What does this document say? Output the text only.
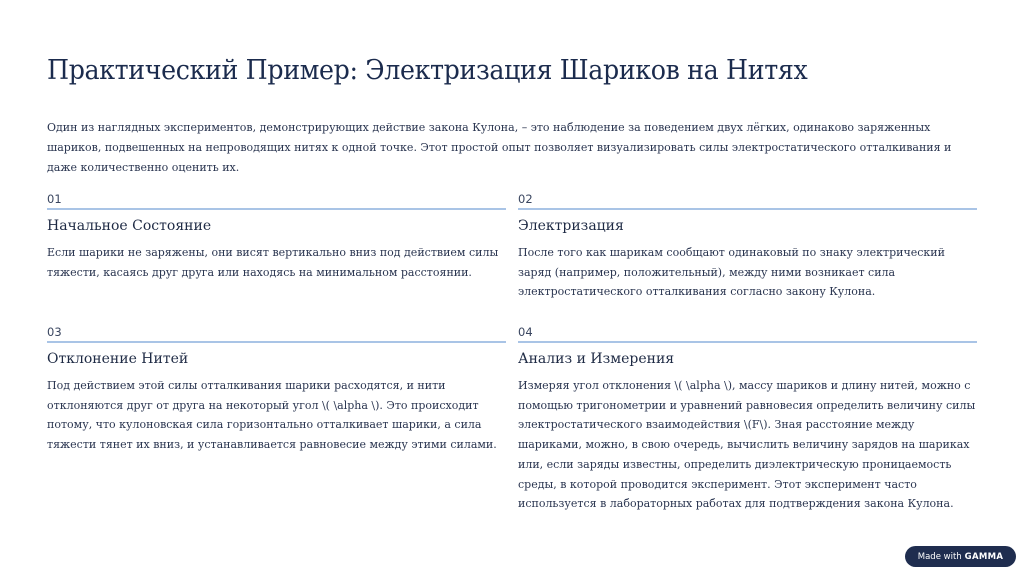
Практический Пример: Электризация Шариков на Нитях
Один из наглядных экспериментов, демонстрирующих действие закона Кулона, – это наблюдение за поведением двух лёгких, одинаково заряженных шариков, подвешенных на непроводящих нитях к одной точке. Этот простой опыт позволяет визуализировать силы электростатического отталкивания и даже количественно оценить их.
01
Начальное Состояние
Если шарики не заряжены, они висят вертикально вниз под действием силы тяжести, касаясь друг друга или находясь на минимальном расстоянии.
02
Электризация
После того как шарикам сообщают одинаковый по знаку электрический заряд (например, положительный), между ними возникает сила электростатического отталкивания согласно закону Кулона.
03
Отклонение Нитей
Под действием этой силы отталкивания шарики расходятся, и нити отклоняются друг от друга на некоторый угол \( \alpha \). Это происходит потому, что кулоновская сила горизонтально отталкивает шарики, а сила тяжести тянет их вниз, и устанавливается равновесие между этими силами.
04
Анализ и Измерения
Измеряя угол отклонения \( \alpha \), массу шариков и длину нитей, можно с помощью тригонометрии и уравнений равновесия определить величину силы электростатического взаимодействия \(F\). Зная расстояние между шариками, можно, в свою очередь, вычислить величину зарядов на шариках или, если заряды известны, определить диэлектрическую проницаемость среды, в которой проводится эксперимент. Этот эксперимент часто используется в лабораторных работах для подтверждения закона Кулона.
Made with GAMMA
